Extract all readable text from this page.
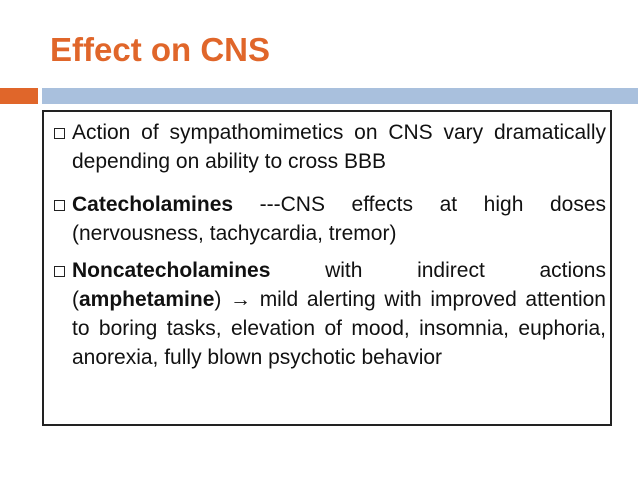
Effect on CNS
Action of sympathomimetics on CNS vary dramatically depending on ability to cross BBB
Catecholamines ---CNS effects at high doses (nervousness, tachycardia, tremor)
Noncatecholamines with indirect actions (amphetamine) → mild alerting with improved attention to boring tasks, elevation of mood, insomnia, euphoria, anorexia, fully blown psychotic behavior
